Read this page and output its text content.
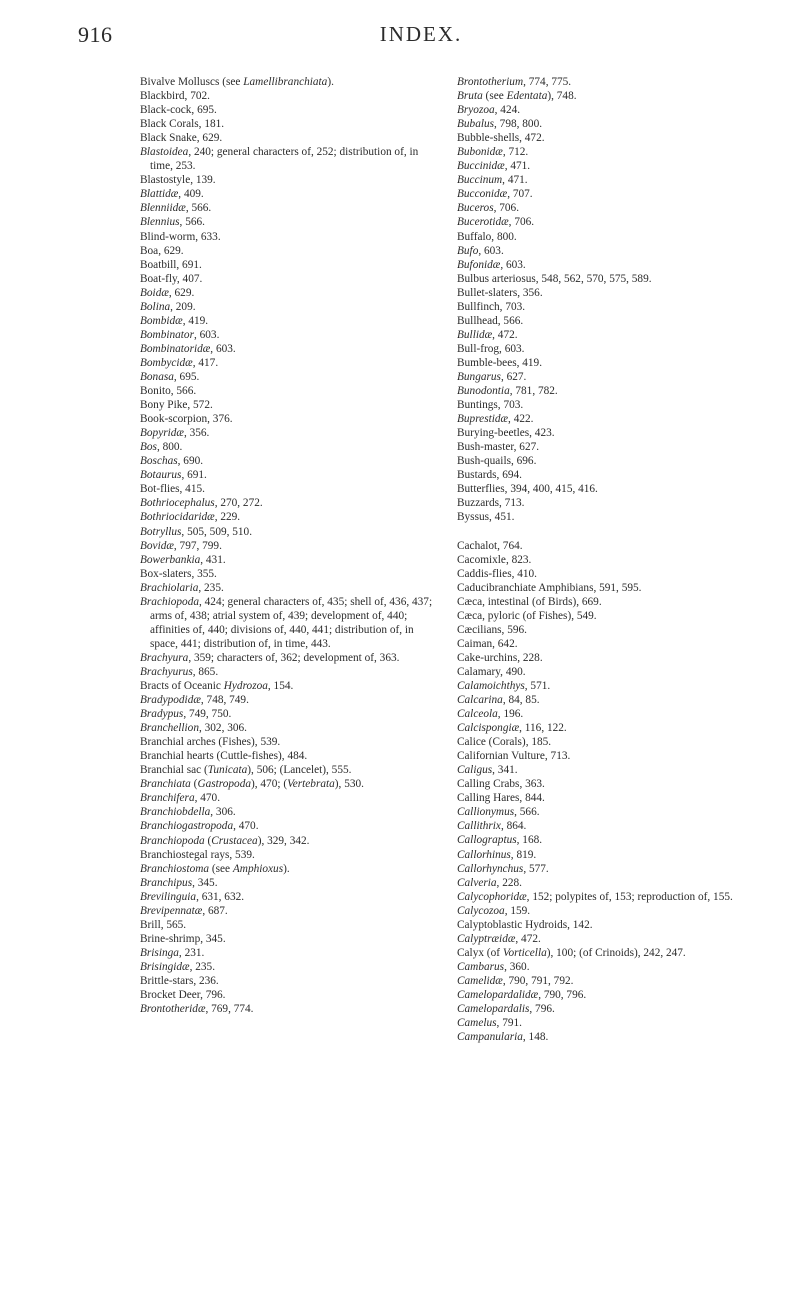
916	INDEX.

Bivalve Molluscs (see Lamellibranchiata).

Blackbird, 702.

Black-cock, 695.

Black Corals, 181.

Black Snake, 629.

Blastoidea, 240; general characters of, 252; distribution of, in time, 253.

Blastostyle, 139.

Blattidæ, 409.

Blenniidæ, 566.

Blennius, 566.

Blind-worm, 633.

Boa, 629.

Boatbill, 691.

Boat-fly, 407.

Boidæ, 629.

Bolina, 209.

Bombidæ, 419.

Bombinator, 603.

Bombinatoridæ, 603.

Bombycidæ, 417.

Bonasa, 695.

Bonito, 566.

Bony Pike, 572.

Book-scorpion, 376.

Bopyridæ, 356.

Bos, 800.

Boschas, 690.

Botaurus, 691.

Bot-flies, 415.

Bothriocephalus, 270, 272.

Bothriocidaridæ, 229.

Botryllus, 505, 509, 510.

Bovidæ, 797, 799.

Bowerbankia, 431.

Box-slaters, 355.

Brachiolaria, 235.

Brachiopoda, 424; general characters of, 435; shell of, 436, 437; arms of, 438; atrial system of, 439; development of, 440; affinities of, 440; divisions of, 440, 441; distribution of, in space, 441; distribution of, in time, 443.

Brachyura, 359; characters of, 362; development of, 363.

Brachyurus, 865.

Bracts of Oceanic Hydrozoa, 154.

Bradypodidæ, 748, 749.

Bradypus, 749, 750.

Branchellion, 302, 306.

Branchial arches (Fishes), 539.

Branchial hearts (Cuttle-fishes), 484.

Branchial sac (Tunicata), 506; (Lancelet), 555.

Branchiata (Gastropoda), 470; (Vertebrata), 530.

Branchifera, 470.

Branchiobdella, 306.

Branchiogastropoda, 470.

Branchiopoda (Crustacea), 329, 342.

Branchiostegal rays, 539.

Branchiostoma (see Amphioxus).

Branchipus, 345.

Brevilinguia, 631, 632.

Brevipennatæ, 687.

Brill, 565.

Brine-shrimp, 345.

Brisinga, 231.

Brisingidæ, 235.

Brittle-stars, 236.

Brocket Deer, 796.

Brontotheridæ, 769, 774.

Brontotherium, 774, 775.

Bruta (see Edentata), 748.

Bryozoa, 424.

Bubalus, 798, 800.

Bubble-shells, 472.

Bubonidæ, 712.

Buccinidæ, 471.

Buccinum, 471.

Bucconidæ, 707.

Buceros, 706.

Bucerotidæ, 706.

Buffalo, 800.

Bufo, 603.

Bufonidæ, 603.

Bulbus arteriosus, 548, 562, 570, 575, 589.

Bullet-slaters, 356.

Bullfinch, 703.

Bullhead, 566.

Bullidæ, 472.

Bull-frog, 603.

Bumble-bees, 419.

Bungarus, 627.

Bunodontia, 781, 782.

Buntings, 703.

Buprestidæ, 422.

Burying-beetles, 423.

Bush-master, 627.

Bush-quails, 696.

Bustards, 694.

Butterflies, 394, 400, 415, 416.

Buzzards, 713.

Byssus, 451.

Cachalot, 764.

Cacomixle, 823.

Caddis-flies, 410.

Caducibranchiate Amphibians, 591, 595.

Cæca, intestinal (of Birds), 669.

Cæca, pyloric (of Fishes), 549.

Cæcilians, 596.

Caiman, 642.

Cake-urchins, 228.

Calamary, 490.

Calamoichthys, 571.

Calcarina, 84, 85.

Calceola, 196.

Calcispongiæ, 116, 122.

Calice (Corals), 185.

Californian Vulture, 713.

Caligus, 341.

Calling Crabs, 363.

Calling Hares, 844.

Callionymus, 566.

Callithrix, 864.

Callograptus, 168.

Callorhinus, 819.

Callorhynchus, 577.

Calveria, 228.

Calycophoridæ, 152; polypites of, 153; reproduction of, 155.

Calycozoa, 159.

Calyptoblastic Hydroids, 142.

Calyptræidæ, 472.

Calyx (of Vorticella), 100; (of Crinoids), 242, 247.

Cambarus, 360.

Camelidæ, 790, 791, 792.

Camelopardalidæ, 790, 796.

Camelopardalis, 796.

Camelus, 791.

Campanularia, 148.
